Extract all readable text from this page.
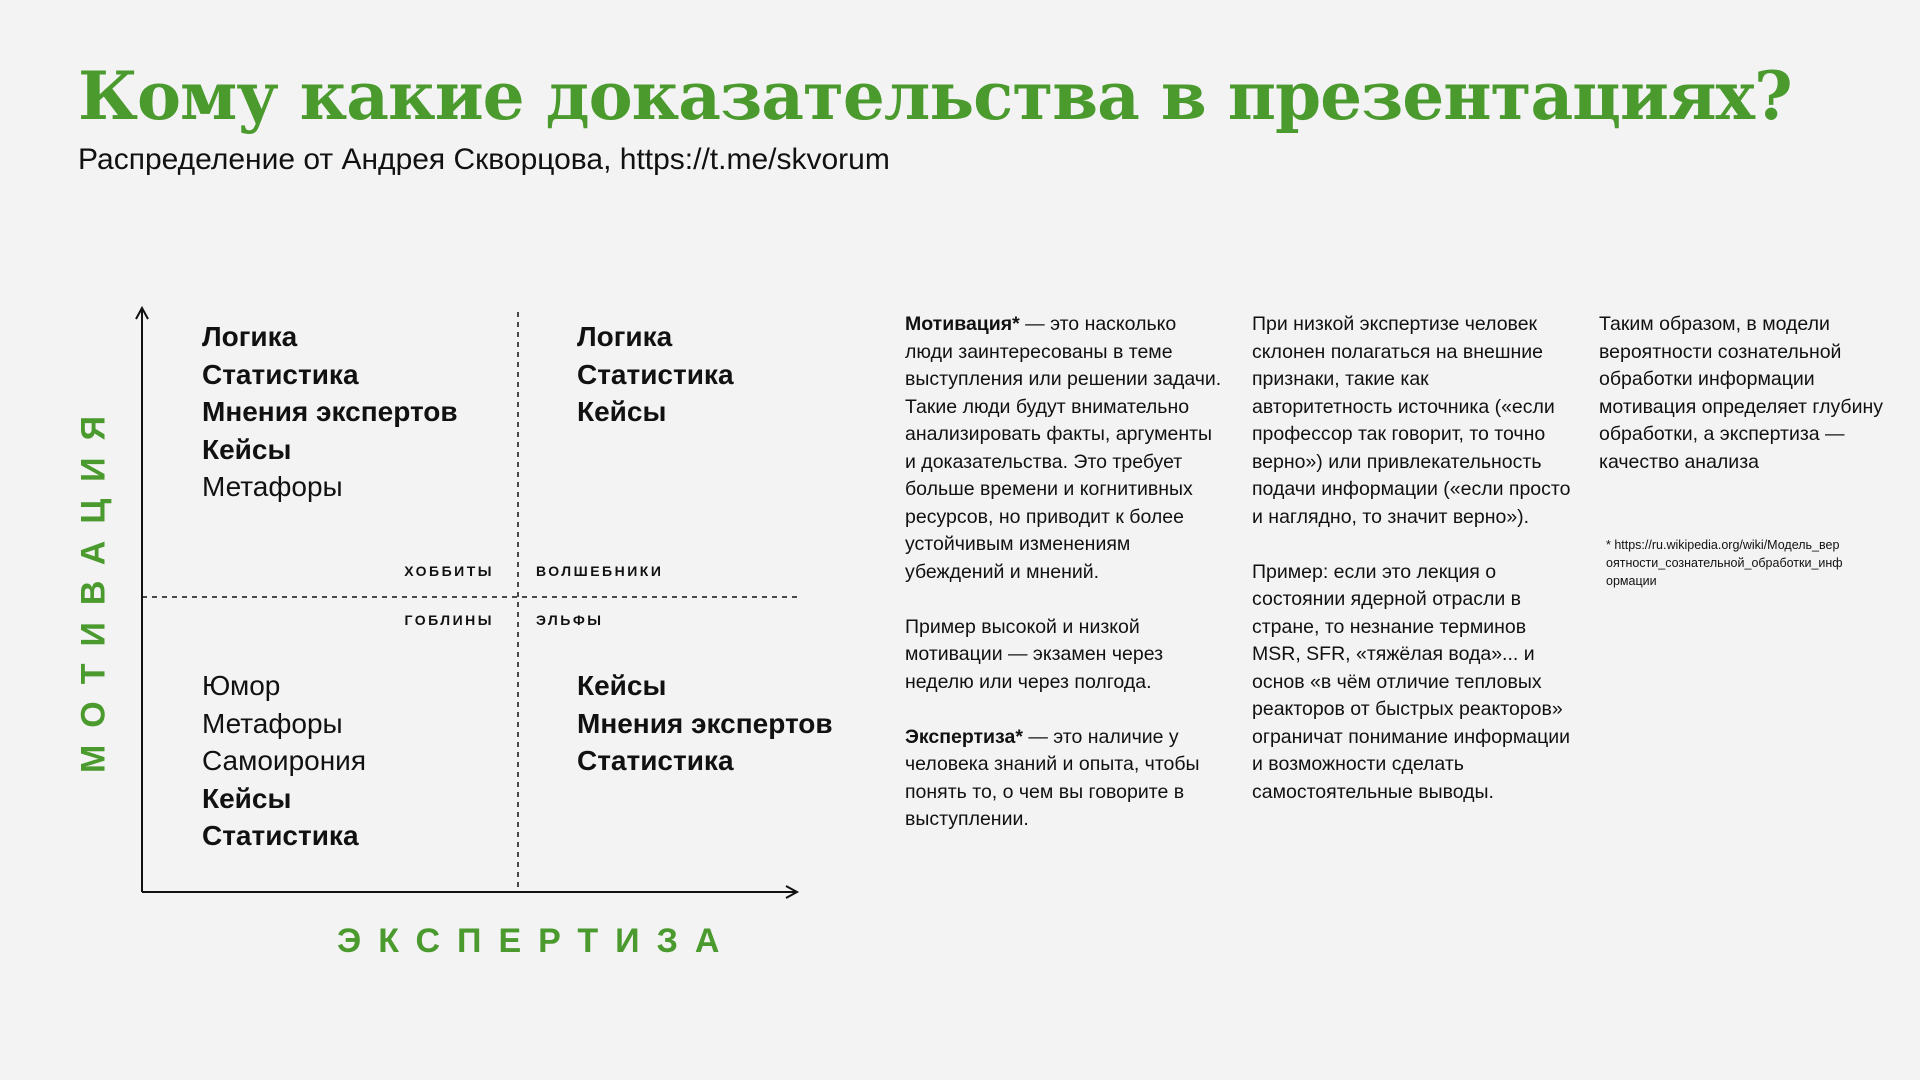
Кому какие доказательства в презентациях?
Распределение от Андрея Скворцова, https://t.me/skvorum
МОТИВАЦИЯ
ЭКСПЕРТИЗА
Логика
Статистика
Мнения экспертов
Кейсы
Метафоры
Логика
Статистика
Кейсы
Юмор
Метафоры
Самоирония
Кейсы
Статистика
Кейсы
Мнения экспертов
Статистика
ХОББИТЫ	ВОЛШЕБНИКИ
ГОБЛИНЫ	ЭЛЬФЫ

Мотивация* — это насколько люди заинтересованы в теме выступления или решении задачи. Такие люди будут внимательно анализировать факты, аргументы и доказательства. Это требует больше времени и когнитивных ресурсов, но приводит к более устойчивым изменениям убеждений и мнений.

Пример высокой и низкой мотивации — экзамен через неделю или через полгода.

Экспертиза* — это наличие у человека знаний и опыта, чтобы понять то, о чем вы говорите в выступлении.

При низкой экспертизе человек склонен полагаться на внешние признаки, такие как авторитетность источника («если профессор так говорит, то точно верно») или привлекательность подачи информации («если просто и наглядно, то значит верно»).

Пример: если это лекция о состоянии ядерной отрасли в стране, то незнание терминов MSR, SFR, «тяжёлая вода»... и основ «в чём отличие тепловых реакторов от быстрых реакторов» ограничат понимание информации и возможности сделать самостоятельные выводы.

Таким образом, в модели вероятности сознательной обработки информации мотивация определяет глубину обработки, а экспертиза — качество анализа

* https://ru.wikipedia.org/wiki/Модель_вероятности_сознательной_обработки_информации
